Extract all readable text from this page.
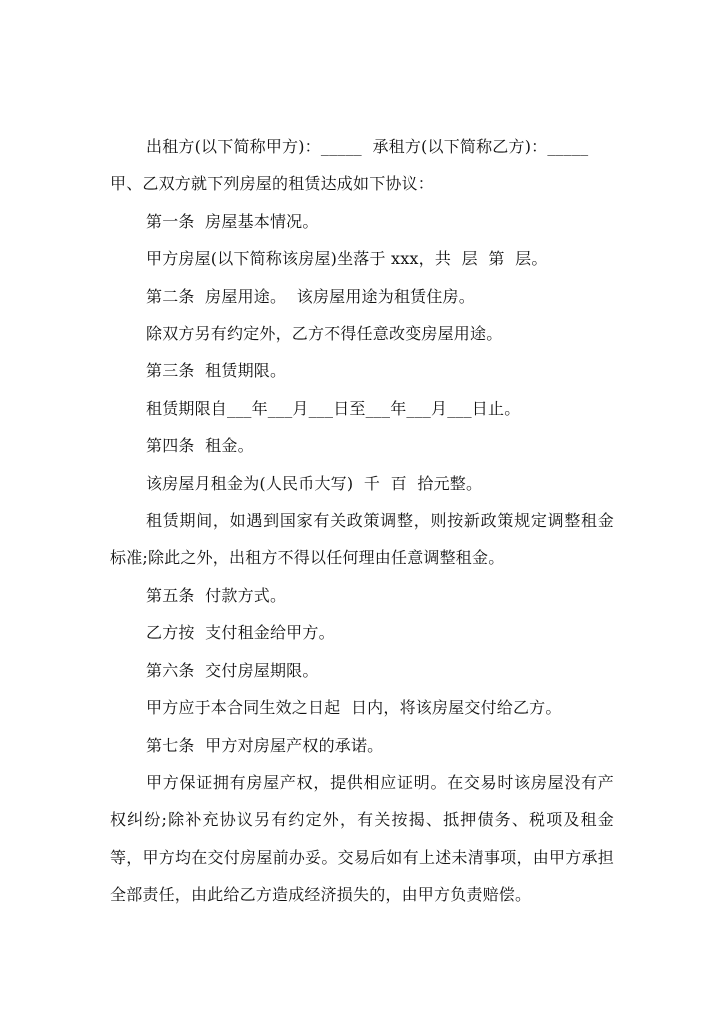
出租方(以下简称甲方)：_____  承租方(以下简称乙方)：_____

甲、乙双方就下列房屋的租赁达成如下协议：

第一条  房屋基本情况。

甲方房屋(以下简称该房屋)坐落于 xxx，共  层  第  层。

第二条  房屋用途。  该房屋用途为租赁住房。

除双方另有约定外，乙方不得任意改变房屋用途。

第三条  租赁期限。

租赁期限自___年___月___日至___年___月___日止。

第四条  租金。

该房屋月租金为(人民币大写)  千  百  拾元整。

租赁期间，如遇到国家有关政策调整，则按新政策规定调整租金标准;除此之外，出租方不得以任何理由任意调整租金。

第五条  付款方式。

乙方按  支付租金给甲方。

第六条  交付房屋期限。

甲方应于本合同生效之日起  日内，将该房屋交付给乙方。

第七条  甲方对房屋产权的承诺。

甲方保证拥有房屋产权，提供相应证明。在交易时该房屋没有产权纠纷;除补充协议另有约定外，有关按揭、抵押债务、税项及租金等，甲方均在交付房屋前办妥。交易后如有上述未清事项，由甲方承担全部责任，由此给乙方造成经济损失的，由甲方负责赔偿。
